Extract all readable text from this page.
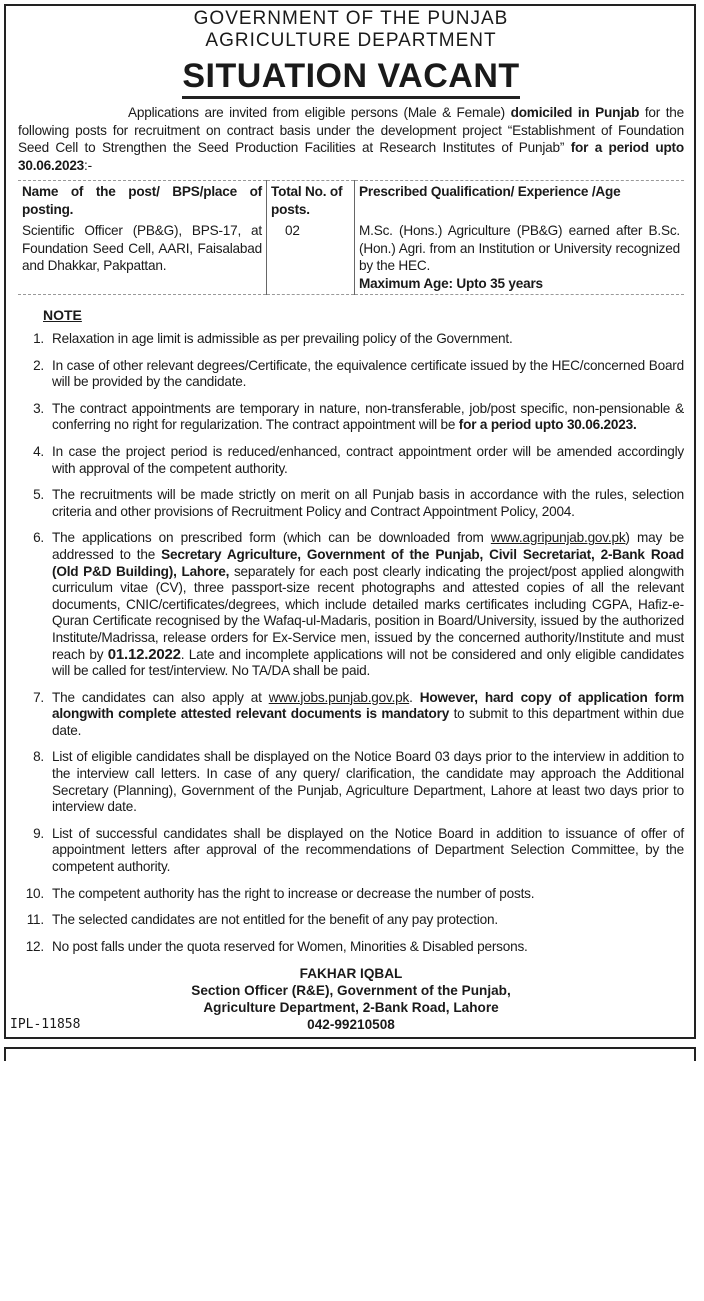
GOVERNMENT OF THE PUNJAB
AGRICULTURE DEPARTMENT
SITUATION VACANT

Applications are invited from eligible persons (Male & Female) domiciled in Punjab for the following posts for recruitment on contract basis under the development project “Establishment of Foundation Seed Cell to Strengthen the Seed Production Facilities at Research Institutes of Punjab” for a period upto 30.06.2023:-

Name of the post/ BPS/place of posting.	Total No. of posts.	Prescribed Qualification/ Experience /Age
Scientific Officer (PB&G), BPS-17, at Foundation Seed Cell, AARI, Faisalabad and Dhakkar, Pakpattan.	02	M.Sc. (Hons.) Agriculture (PB&G) earned after B.Sc. (Hon.) Agri. from an Institution or University recognized by the HEC.
Maximum Age: Upto 35 years
NOTE
1. Relaxation in age limit is admissible as per prevailing policy of the Government.
2. In case of other relevant degrees/Certificate, the equivalence certificate issued by the HEC/concerned Board will be provided by the candidate.
3. The contract appointments are temporary in nature, non-transferable, job/post specific, non-pensionable & conferring no right for regularization. The contract appointment will be for a period upto 30.06.2023.
4. In case the project period is reduced/enhanced, contract appointment order will be amended accordingly with approval of the competent authority.
5. The recruitments will be made strictly on merit on all Punjab basis in accordance with the rules, selection criteria and other provisions of Recruitment Policy and Contract Appointment Policy, 2004.
6. The applications on prescribed form (which can be downloaded from www.agripunjab.gov.pk) may be addressed to the Secretary Agriculture, Government of the Punjab, Civil Secretariat, 2-Bank Road (Old P&D Building), Lahore, separately for each post clearly indicating the project/post applied alongwith curriculum vitae (CV), three passport-size recent photographs and attested copies of all the relevant documents, CNIC/certificates/degrees, which include detailed marks certificates including CGPA, Hafiz-e-Quran Certificate recognised by the Wafaq-ul-Madaris, position in Board/University, issued by the authorized Institute/Madrissa, release orders for Ex-Service men, issued by the concerned authority/Institute and must reach by 01.12.2022. Late and incomplete applications will not be considered and only eligible candidates will be called for test/interview. No TA/DA shall be paid.
7. The candidates can also apply at www.jobs.punjab.gov.pk. However, hard copy of application form alongwith complete attested relevant documents is mandatory to submit to this department within due date.
8. List of eligible candidates shall be displayed on the Notice Board 03 days prior to the interview in addition to the interview call letters. In case of any query/ clarification, the candidate may approach the Additional Secretary (Planning), Government of the Punjab, Agriculture Department, Lahore at least two days prior to interview date.
9. List of successful candidates shall be displayed on the Notice Board in addition to issuance of offer of appointment letters after approval of the recommendations of Department Selection Committee, by the competent authority.
10. The competent authority has the right to increase or decrease the number of posts.
11. The selected candidates are not entitled for the benefit of any pay protection.
12. No post falls under the quota reserved for Women, Minorities & Disabled persons.
FAKHAR IQBAL
Section Officer (R&E), Government of the Punjab,
Agriculture Department, 2-Bank Road, Lahore
IPL-11858	042-99210508
